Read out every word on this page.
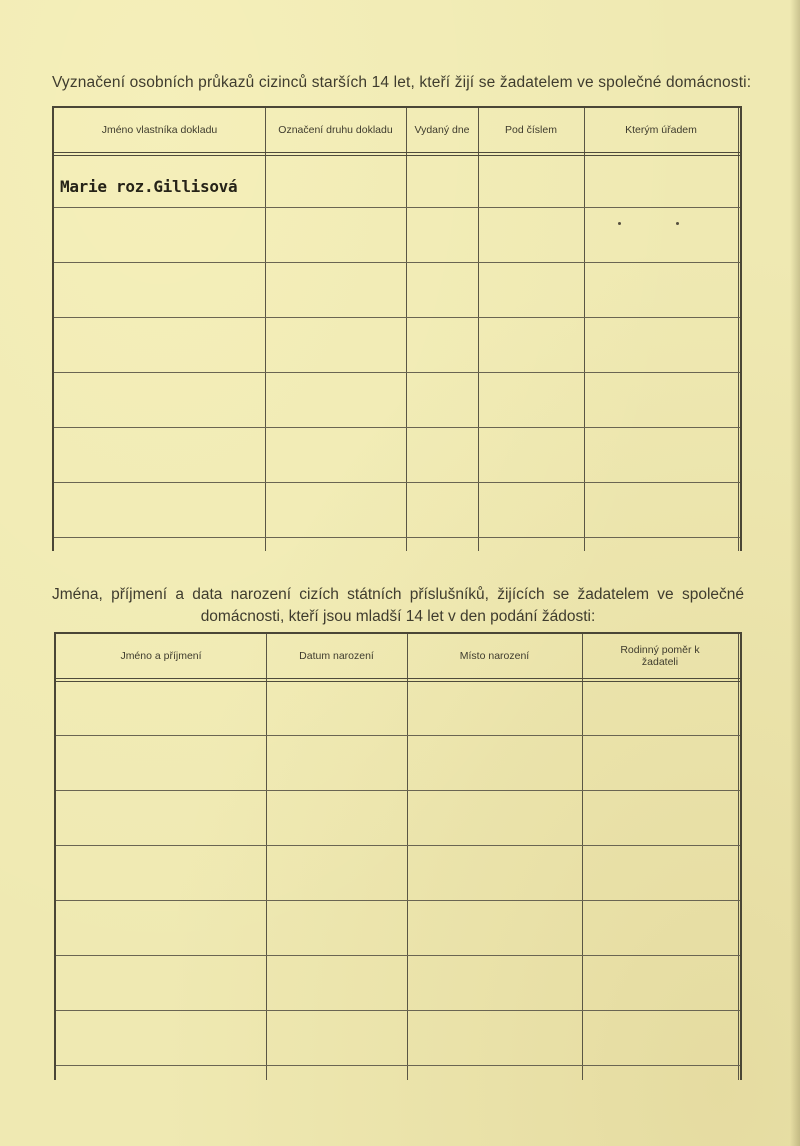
Vyznačení osobních průkazů cizinců starších 14 let, kteří žijí se žadatelem ve společné domácnosti:
Jméno vlastníka dokladu	Označení druhu dokladu	Vydaný dne	Pod číslem	Kterým úřadem
Marie roz.Gillisová
Jména, příjmení a data narození cizích státních příslušníků, žijících se žadatelem ve společné domácnosti, kteří jsou mladší 14 let v den podání žádosti:
Jméno a příjmení	Datum narození	Místo narození	Rodinný poměr k žadateli
